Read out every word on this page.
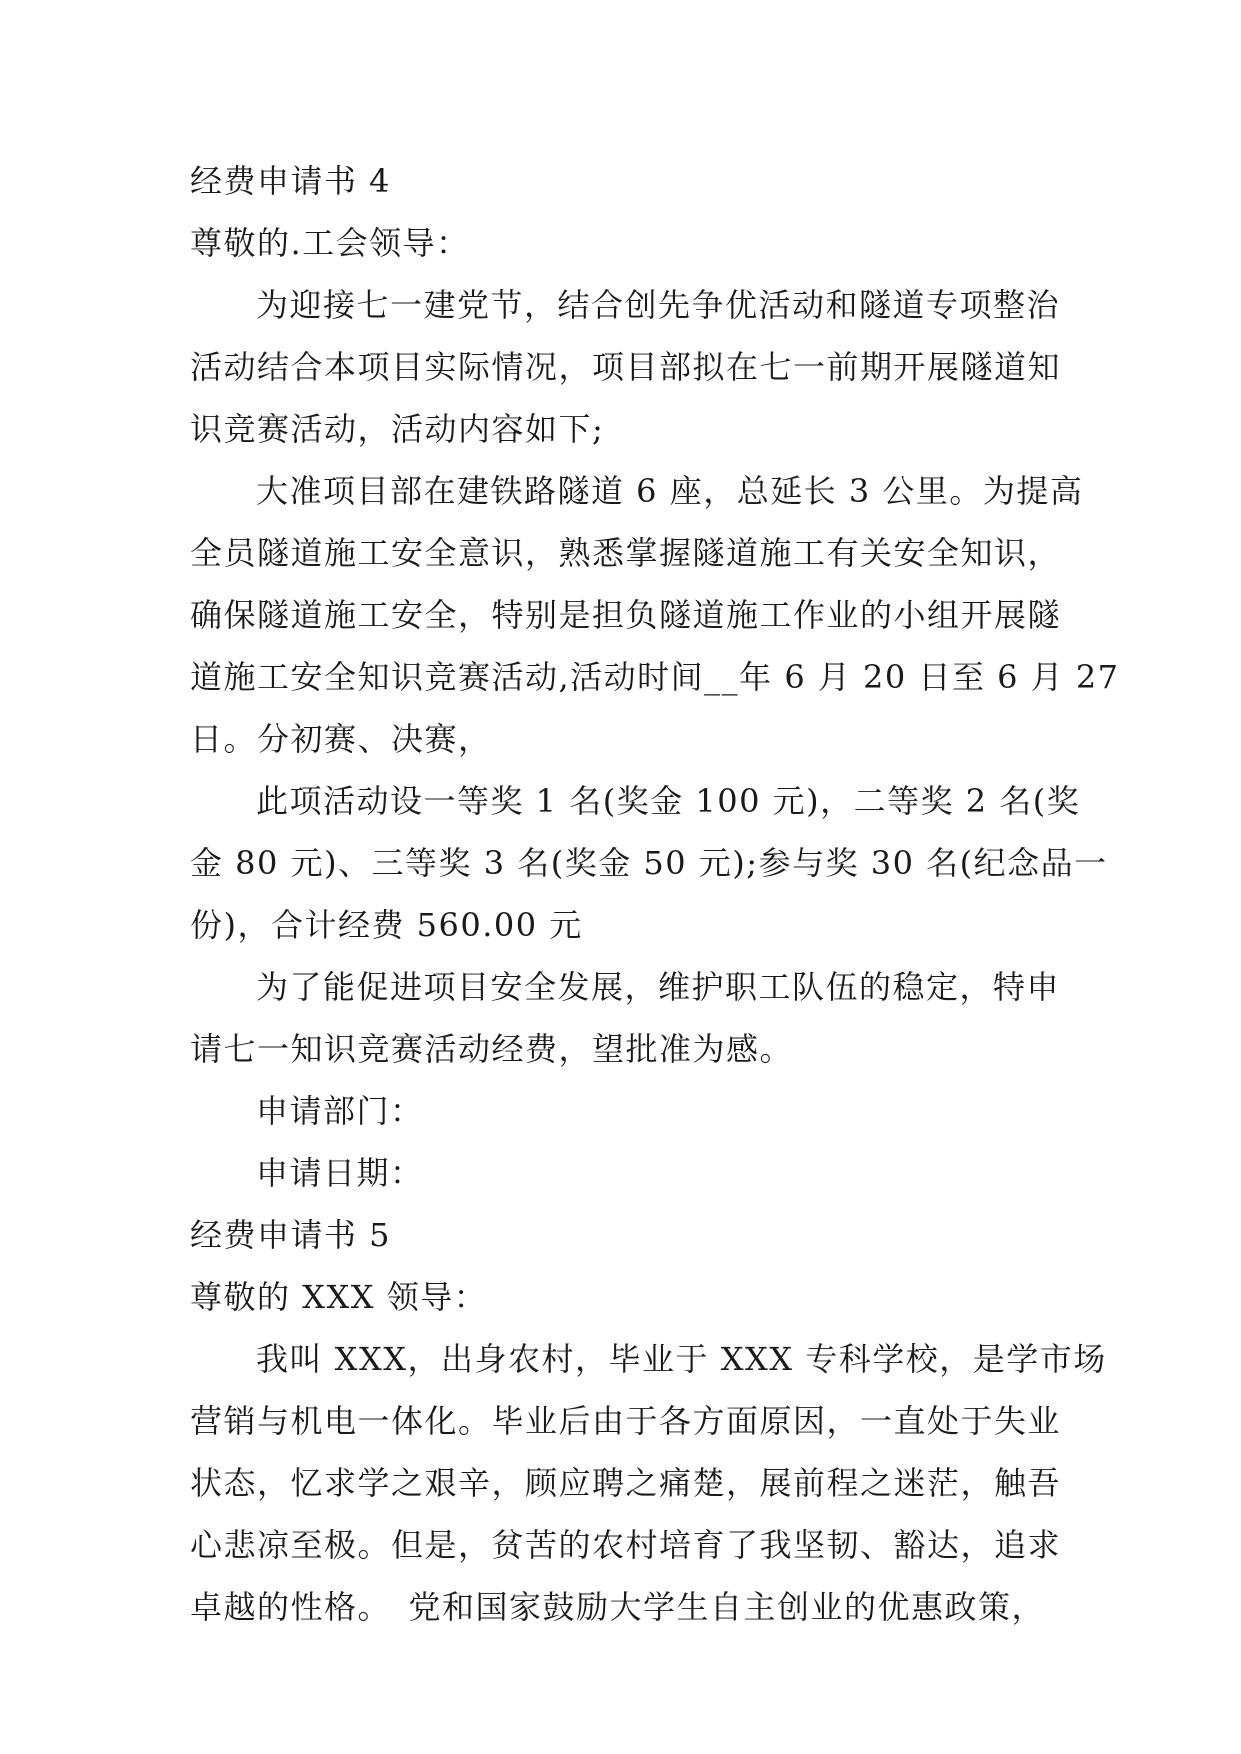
经费申请书 4
尊敬的.工会领导：
为迎接七一建党节，结合创先争优活动和隧道专项整治
活动结合本项目实际情况，项目部拟在七一前期开展隧道知
识竞赛活动，活动内容如下;
大准项目部在建铁路隧道 6 座，总延长 3 公里。为提高
全员隧道施工安全意识，熟悉掌握隧道施工有关安全知识，
确保隧道施工安全，特别是担负隧道施工作业的小组开展隧
道施工安全知识竞赛活动,活动时间__年 6 月 20 日至 6 月 27
日。分初赛、决赛，
此项活动设一等奖 1 名(奖金 100 元)，二等奖 2 名(奖
金 80 元)、三等奖 3 名(奖金 50 元);参与奖 30 名(纪念品一
份)，合计经费 560.00 元
为了能促进项目安全发展，维护职工队伍的稳定，特申
请七一知识竞赛活动经费，望批准为感。
申请部门：
申请日期：
经费申请书 5
尊敬的 XXX 领导：
我叫 XXX，出身农村，毕业于 XXX 专科学校，是学市场
营销与机电一体化。毕业后由于各方面原因，一直处于失业
状态，忆求学之艰辛，顾应聘之痛楚，展前程之迷茫，触吾
心悲凉至极。但是，贫苦的农村培育了我坚韧、豁达，追求
卓越的性格。　党和国家鼓励大学生自主创业的优惠政策，
